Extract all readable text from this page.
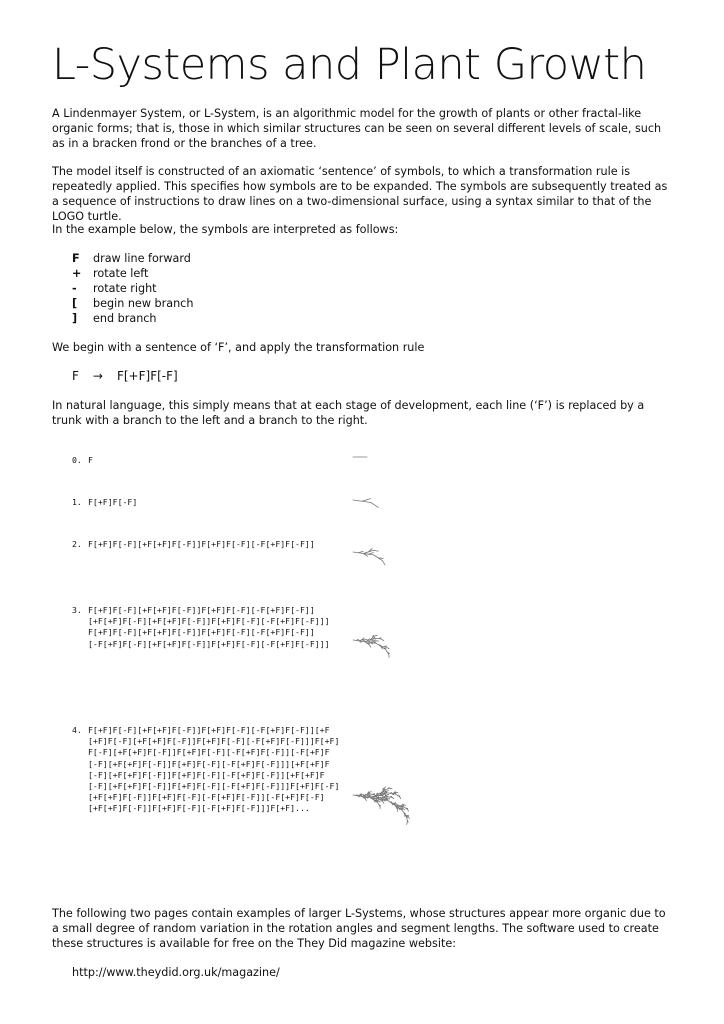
L-Systems and Plant Growth

A Lindenmayer System, or L-System, is an algorithmic model for the growth of plants or other fractal-like organic forms; that is, those in which similar structures can be seen on several different levels of scale, such as in a bracken frond or the branches of a tree.

The model itself is constructed of an axiomatic ‘sentence’ of symbols, to which a transformation rule is repeatedly applied. This specifies how symbols are to be expanded. The symbols are subsequently treated as a sequence of instructions to draw lines on a two-dimensional surface, using a syntax similar to that of the LOGO turtle.

In the example below, the symbols are interpreted as follows:

F	draw line forward
+	rotate left
-	rotate right
[	begin new branch
]	end branch

We begin with a sentence of ‘F’, and apply the transformation rule

F → F[+F]F[-F]

In natural language, this simply means that at each stage of development, each line (‘F’) is replaced by a trunk with a branch to the left and a branch to the right.

0. F
1. F[+F]F[-F]
2. F[+F]F[-F][+F[+F]F[-F]]F[+F]F[-F][-F[+F]F[-F]]
3. F[+F]F[-F][+F[+F]F[-F]]F[+F]F[-F][-F[+F]F[-F]]
[+F[+F]F[-F][+F[+F]F[-F]]F[+F]F[-F][-F[+F]F[-F]]]
F[+F]F[-F][+F[+F]F[-F]]F[+F]F[-F][-F[+F]F[-F]]
[-F[+F]F[-F][+F[+F]F[-F]]F[+F]F[-F][-F[+F]F[-F]]]
4. F[+F]F[-F][+F[+F]F[-F]]F[+F]F[-F][-F[+F]F[-F]][+F
[+F]F[-F][+F[+F]F[-F]]F[+F]F[-F][-F[+F]F[-F]]]F[+F]
F[-F][+F[+F]F[-F]]F[+F]F[-F][-F[+F]F[-F]][-F[+F]F
[-F][+F[+F]F[-F]]F[+F]F[-F][-F[+F]F[-F]]][+F[+F]F
[-F][+F[+F]F[-F]]F[+F]F[-F][-F[+F]F[-F]][+F[+F]F
[-F][+F[+F]F[-F]]F[+F]F[-F][-F[+F]F[-F]]]F[+F]F[-F]
[+F[+F]F[-F]]F[+F]F[-F][-F[+F]F[-F]][-F[+F]F[-F]
[+F[+F]F[-F]]F[+F]F[-F][-F[+F]F[-F]]]F[+F]...

The following two pages contain examples of larger L-Systems, whose structures appear more organic due to a small degree of random variation in the rotation angles and segment lengths. The software used to create these structures is available for free on the They Did magazine website:

http://www.theydid.org.uk/magazine/
